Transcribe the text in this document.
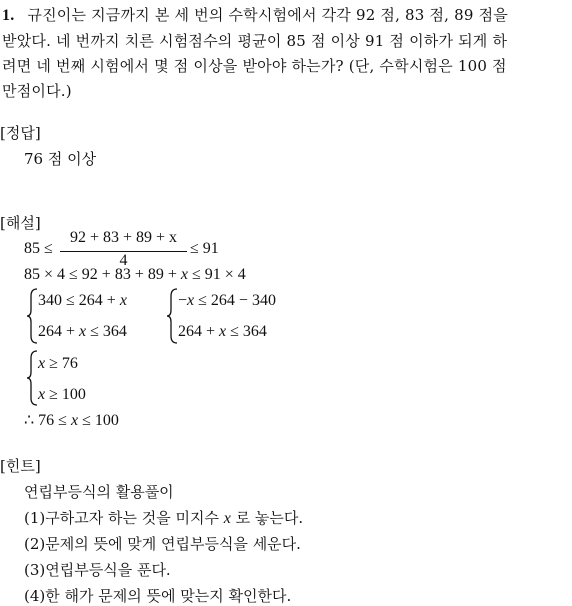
1. 규진이는 지금까지 본 세 번의 수학시험에서 각각 92 점, 83 점, 89 점을
받았다. 네 번까지 치른 시험점수의 평균이 85 점 이상 91 점 이하가 되게 하
려면 네 번째 시험에서 몇 점 이상을 받아야 하는가? (단, 수학시험은 100 점
만점이다.)
[정답]
76 점 이상
[해설]
85 ≤
92 + 83 + 89 + x
4
≤ 91
85 × 4 ≤ 92 + 83 + 89 + x ≤ 91 × 4
340 ≤ 264 + x
264 + x ≤ 364
−x ≤ 264 − 340
264 + x ≤ 364
x ≥ 76
x ≥ 100
∴ 76 ≤ x ≤ 100
[힌트]
연립부등식의 활용풀이
(1)구하고자 하는 것을 미지수 x 로 놓는다.
(2)문제의 뜻에 맞게 연립부등식을 세운다.
(3)연립부등식을 푼다.
(4)한 해가 문제의 뜻에 맞는지 확인한다.
